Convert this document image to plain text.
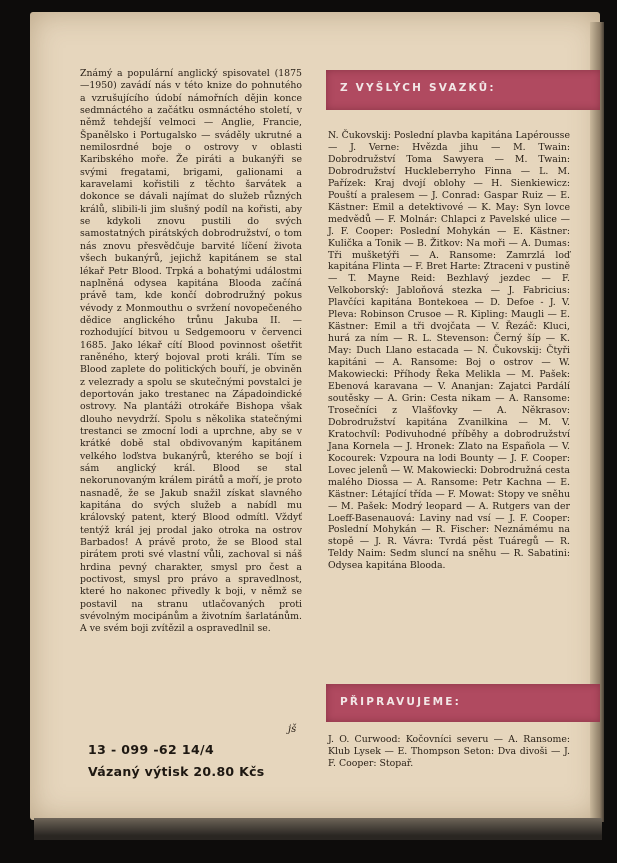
Známý a populární anglický spisovatel (1875—1950) zavádí nás v této knize do pohnutého a vzrušujícího údobí námořních dějin konce sedmnáctého a začátku osmnáctého století, v němž tehdejší velmoci — Anglie, Francie, Španělsko i Portugalsko — sváděly ukrutné a nemilosrdné boje o ostrovy v oblasti Karibského moře. Že piráti a bukanýři se svými fregatami, brigami, galionami a karavelami kořistili z těchto šarvátek a dokonce se dávali najímat do služeb různých králů, slibili-li jim slušný podíl na kořisti, aby se kdykoli znovu pustili do svých samostatných pirátských dobrodružství, o tom nás znovu přesvědčuje barvité líčení života všech bukanýrů, jejichž kapitánem se stal lékař Petr Blood. Trpká a bohatými událostmi naplněná odysea kapitána Blooda začíná právě tam, kde končí dobrodružný pokus vévody z Monmouthu o svržení novopečeného dědice anglického trůnu Jakuba II. — rozhodující bitvou u Sedgemooru v červenci 1685. Jako lékař cítí Blood povinnost ošetřit raněného, který bojoval proti králi. Tím se Blood zaplete do politických bouří, je obviněn z velezrady a spolu se skutečnými povstalci je deportován jako trestanec na Západoindické ostrovy. Na plantáži otrokáře Bishopa však dlouho nevydrží. Spolu s několika statečnými trestanci se zmocní lodi a uprchne, aby se v krátké době stal obdivovaným kapitánem velkého loďstva bukanýrů, kterého se bojí i sám anglický král. Blood se stal nekorunovaným králem pirátů a moří, je proto nasnadě, že se Jakub snažil získat slavného kapitána do svých služeb a nabídl mu královský patent, který Blood odmítl. Vždyť tentýž král jej prodal jako otroka na ostrov Barbados! A právě proto, že se Blood stal pirátem proti své vlastní vůli, zachoval si náš hrdina pevný charakter, smysl pro čest a poctivost, smysl pro právo a spravedlnost, které ho nakonec přivedly k boji, v němž se postavil na stranu utlačovaných proti svévolným mocipánům a životním šarlatánům. A ve svém boji zvítězil a ospravedlnil se.
jš
13 - 099 -62 14/4
Vázaný výtisk 20.80 Kčs
Z VYŠLÝCH SVAZKŮ:
N. Čukovskij: Poslední plavba kapitána Lapérousse — J. Verne: Hvězda jihu — M. Twain: Dobrodružství Toma Sawyera — M. Twain: Dobrodružství Huckleberryho Finna — L. M. Pařízek: Kraj dvojí oblohy — H. Sienkiewicz: Pouští a pralesem — J. Conrad: Gaspar Ruiz — E. Kästner: Emil a detektivové — K. May: Syn lovce medvědů — F. Molnár: Chlapci z Pavelské ulice — J. F. Cooper: Poslední Mohykán — E. Kästner: Kulička a Tonik — B. Žitkov: Na moři — A. Dumas: Tři mušketýři — A. Ransome: Zamrzlá loď kapitána Flinta — F. Bret Harte: Ztraceni v pustině — T. Mayne Reid: Bezhlavý jezdec — F. Velkoborský: Jabloňová stezka — J. Fabricius: Plavčíci kapitána Bontekoea — D. Defoe - J. V. Pleva: Robinson Crusoe — R. Kipling: Maugli — E. Kästner: Emil a tři dvojčata — V. Řezáč: Kluci, hurá za ním — R. L. Stevenson: Černý šíp — K. May: Duch Llano estacada — N. Čukovskij: Čtyři kapitáni — A. Ransome: Boj o ostrov — W. Makowiecki: Příhody Řeka Melikla — M. Pašek: Ebenová karavana — V. Ananjan: Zajatci Pardálí soutěsky — A. Grin: Cesta nikam — A. Ransome: Trosečníci z Vlašťovky — A. Někrasov: Dobrodružství kapitána Zvanilkina — M. V. Kratochvíl: Podivuhodné příběhy a dobrodružství Jana Kornela — J. Hronek: Zlato na Española — V. Kocourek: Vzpoura na lodi Bounty — J. F. Cooper: Lovec jelenů — W. Makowiecki: Dobrodružná cesta malého Diossa — A. Ransome: Petr Kachna — E. Kästner: Létající třída — F. Mowat: Stopy ve sněhu — M. Pašek: Modrý leopard — A. Rutgers van der Loeff-Basenauová: Laviny nad vsí — J. F. Cooper: Poslední Mohykán — R. Fischer: Neznámému na stopě — J. R. Vávra: Tvrdá pěst Tuáregů — R. Teldy Naim: Sedm sluncí na sněhu — R. Sabatini: Odysea kapitána Blooda.
PŘIPRAVUJEME:
J. O. Curwood: Kočovníci severu — A. Ransome: Klub Lysek — E. Thompson Seton: Dva divoši — J. F. Cooper: Stopař.
